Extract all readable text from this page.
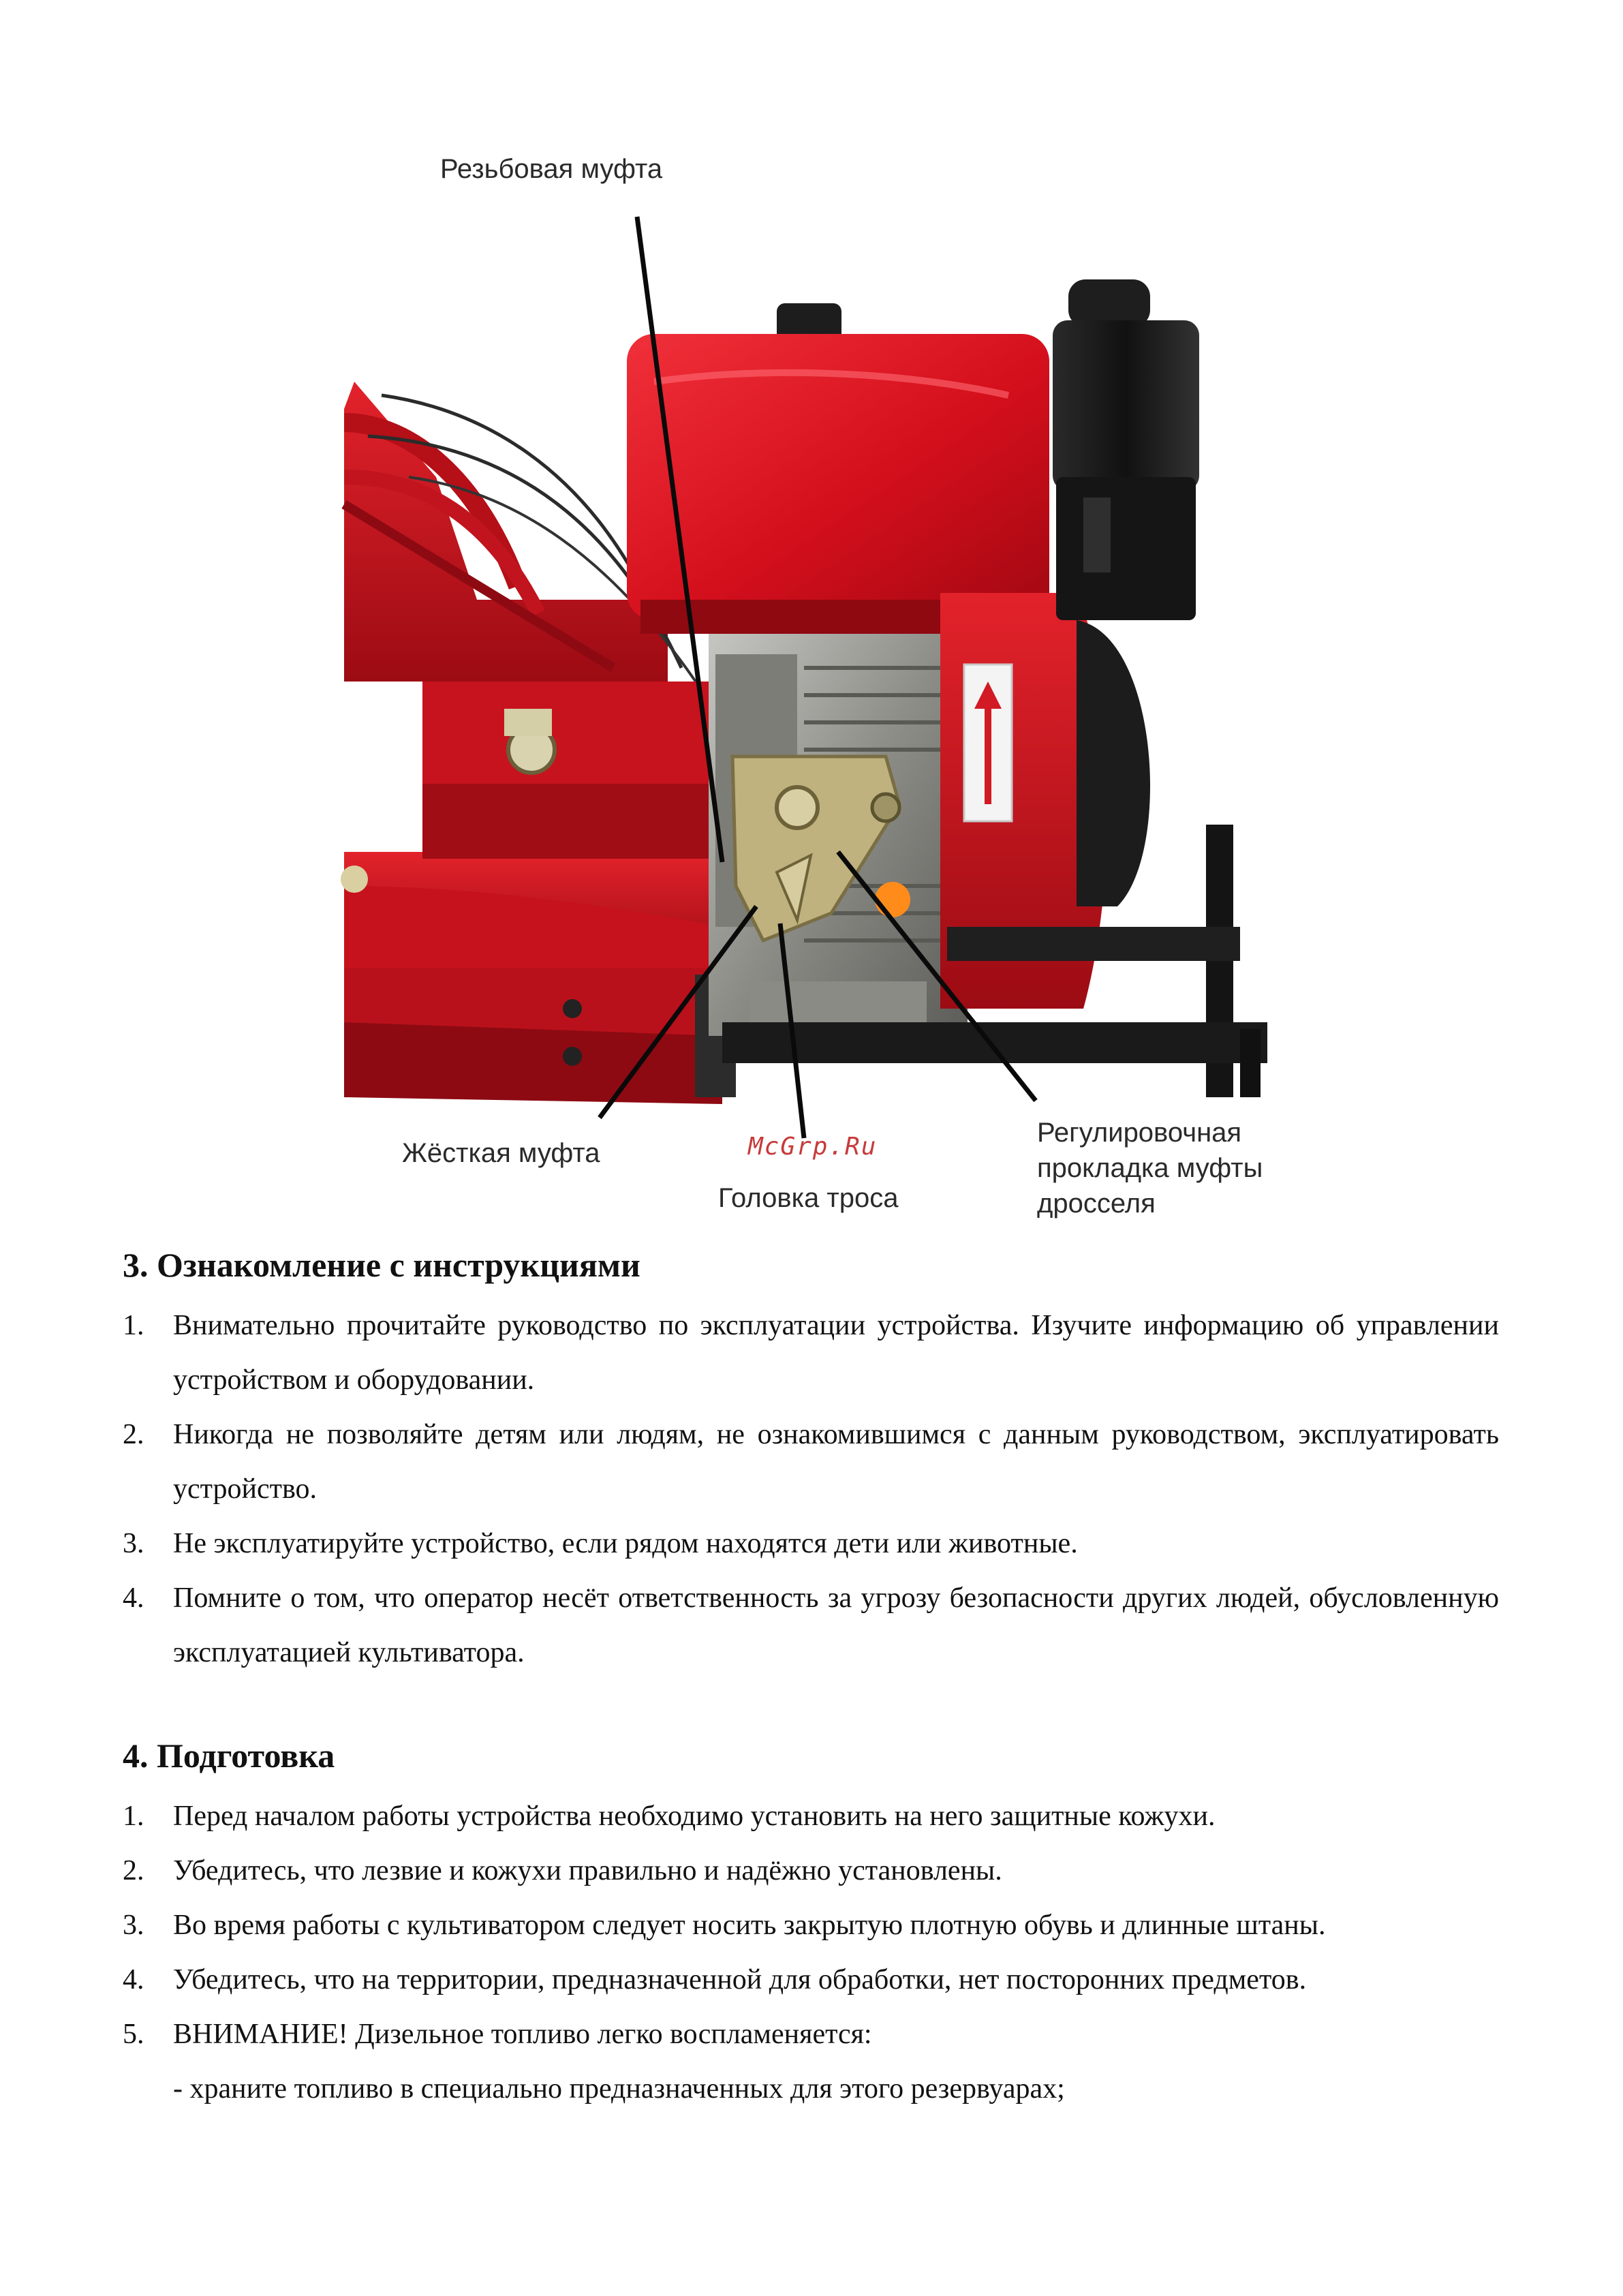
Резьбовая муфта
Жёсткая муфта
Головка троса
Регулировочная прокладка муфты дросселя
McGrp.Ru
3. Ознакомление с инструкциями
1. Внимательно прочитайте руководство по эксплуатации устройства. Изучите информацию об управлении устройством и оборудовании.
2. Никогда не позволяйте детям или людям, не ознакомившимся с данным руководством, эксплуатировать устройство.
3. Не эксплуатируйте устройство, если рядом находятся дети или животные.
4. Помните о том, что оператор несёт ответственность за угрозу безопасности других людей, обусловленную эксплуатацией культиватора.
4. Подготовка
1. Перед началом работы устройства необходимо установить на него защитные кожухи.
2. Убедитесь, что лезвие и кожухи правильно и надёжно установлены.
3. Во время работы с культиватором следует носить закрытую плотную обувь и длинные штаны.
4. Убедитесь, что на территории, предназначенной для обработки, нет посторонних предметов.
5. ВНИМАНИЕ! Дизельное топливо легко воспламеняется:
- храните топливо в специально предназначенных для этого резервуарах;
